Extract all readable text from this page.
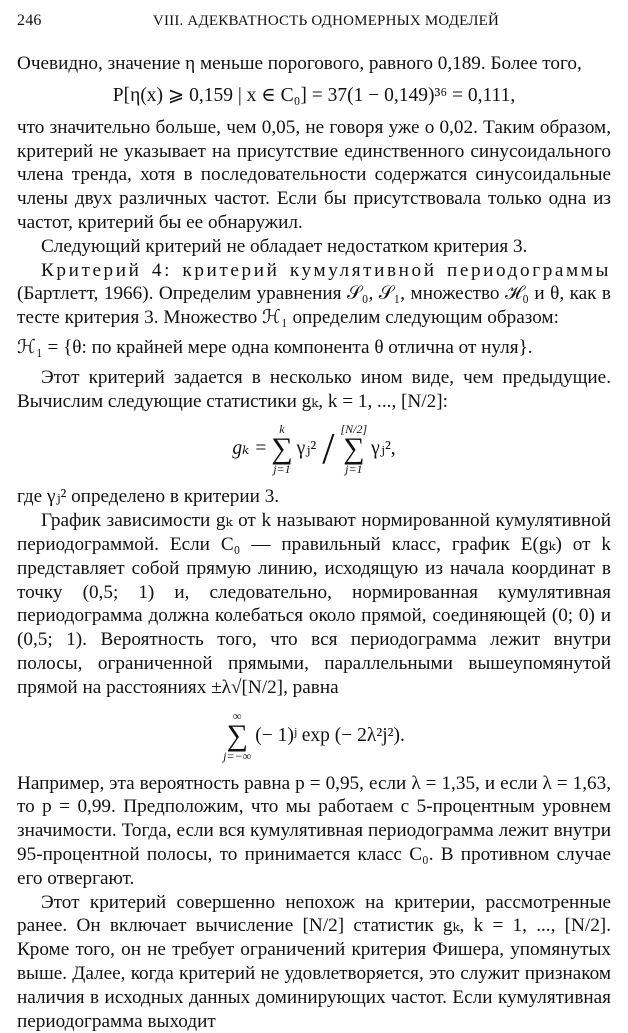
246	VIII. АДЕКВАТНОСТЬ ОДНОМЕРНЫХ МОДЕЛЕЙ

Очевидно, значение η меньше порогового, равного 0,189. Более того,

P[η(x) ⩾ 0,159 | x ∈ C₀] = 37(1 − 0,149)³⁶ = 0,111,

что значительно больше, чем 0,05, не говоря уже о 0,02. Таким образом, критерий не указывает на присутствие единственного синусоидального члена тренда, хотя в последовательности содержатся синусоидальные члены двух различных частот. Если бы присутствовала только одна из частот, критерий бы ее обнаружил.

Следующий критерий не обладает недостатком критерия 3.

Критерий 4: критерий кумулятивной периодограммы (Бартлетт, 1966). Определим уравнения 𝒮₀, 𝒮₁, множество ℋ₀ и θ, как в тесте критерия 3. Множество ℋ₁ определим следующим образом:

ℋ₁ = {θ: по крайней мере одна компонента θ отлична от нуля}.

Этот критерий задается в несколько ином виде, чем предыдущие. Вычислим следующие статистики gₖ, k = 1, ..., [N/2]:

gₖ =
k
∑
j=1
γⱼ² / [N/2]
∑
j=1
γⱼ²,

где γⱼ² определено в критерии 3.

График зависимости gₖ от k называют нормированной кумулятивной периодограммой. Если C₀ — правильный класс, график E(gₖ) от k представляет собой прямую линию, исходящую из начала координат в точку (0,5; 1) и, следовательно, нормированная кумулятивная периодограмма должна колебаться около прямой, соединяющей (0; 0) и (0,5; 1). Вероятность того, что вся периодограмма лежит внутри полосы, ограниченной прямыми, параллельными вышеупомянутой прямой на расстояниях ±λ√[N/2], равна

∞
∑
j=−∞
(− 1)ʲ exp (− 2λ²j²).

Например, эта вероятность равна p = 0,95, если λ = 1,35, и если λ = 1,63, то p = 0,99. Предположим, что мы работаем с 5-процентным уровнем значимости. Тогда, если вся кумулятивная периодограмма лежит внутри 95-процентной полосы, то принимается класс C₀. В противном случае его отвергают.

Этот критерий совершенно непохож на критерии, рассмотренные ранее. Он включает вычисление [N/2] статистик gₖ, k = 1, ..., [N/2]. Кроме того, он не требует ограничений критерия Фишера, упомянутых выше. Далее, когда критерий не удовлетворяется, это служит признаком наличия в исходных данных доминирующих частот. Если кумулятивная периодограмма выходит
